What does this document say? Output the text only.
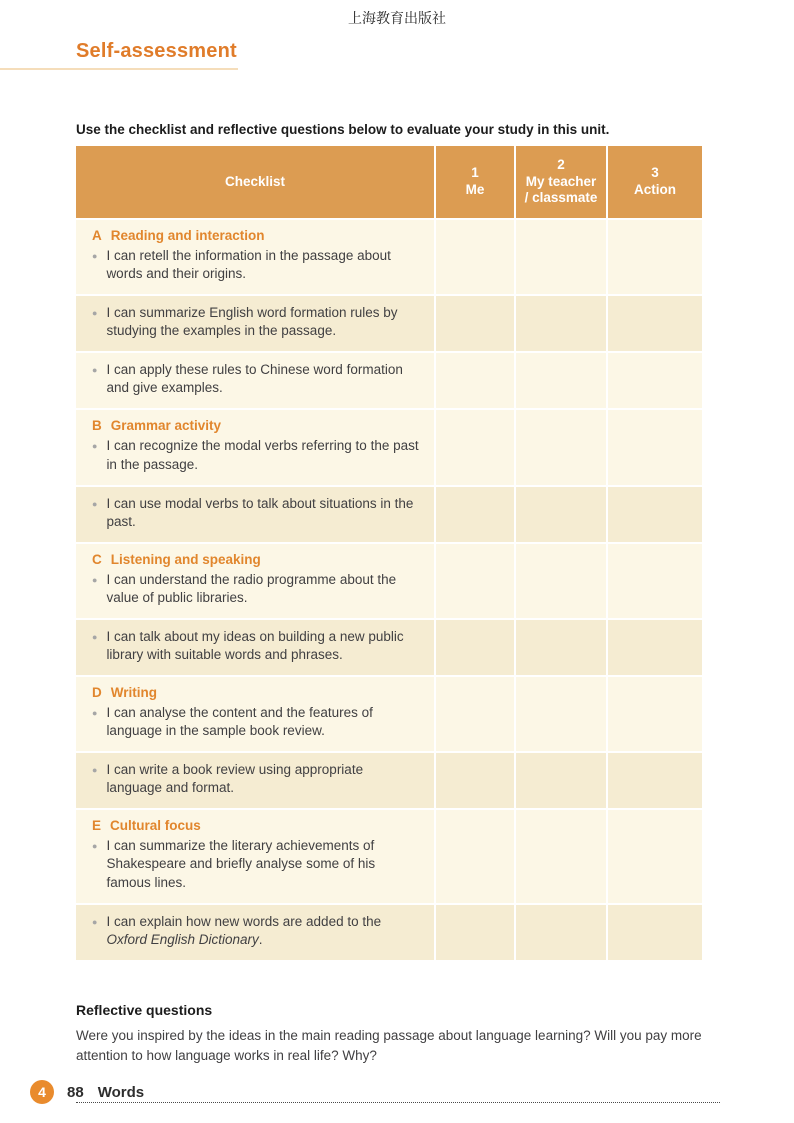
上海教育出版社
Self-assessment
Use the checklist and reflective questions below to evaluate your study in this unit.
Checklist
1
Me
2
My teacher / classmate
3
Action
A Reading and interaction
● I can retell the information in the passage about words and their origins.
● I can summarize English word formation rules by studying the examples in the passage.
● I can apply these rules to Chinese word formation and give examples.
B Grammar activity
● I can recognize the modal verbs referring to the past in the passage.
● I can use modal verbs to talk about situations in the past.
C Listening and speaking
● I can understand the radio programme about the value of public libraries.
● I can talk about my ideas on building a new public library with suitable words and phrases.
D Writing
● I can analyse the content and the features of language in the sample book review.
● I can write a book review using appropriate language and format.
E Cultural focus
● I can summarize the literary achievements of Shakespeare and briefly analyse some of his famous lines.
● I can explain how new words are added to the Oxford English Dictionary.
Reflective questions
Were you inspired by the ideas in the main reading passage about language learning? Will you pay more attention to how language works in real life? Why?
4	88 Words
